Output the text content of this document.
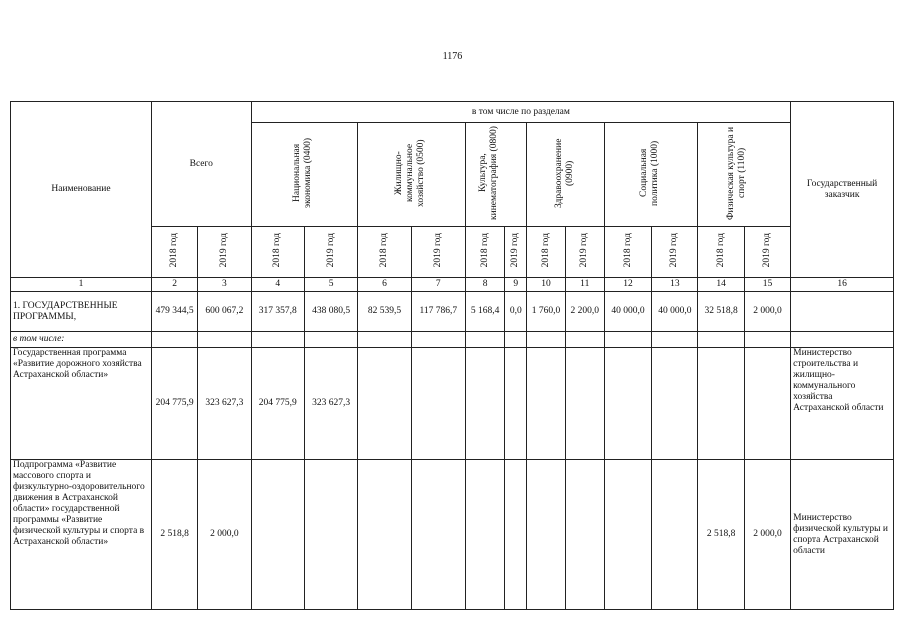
1176
Наименование	Всего		в том числе по разделам												Государственный заказчик
			Национальная экономика (0400)		Жилищно-коммунальное хозяйство (0500)		Культура, кинематография (0800)		Здравоохранение (0900)		Социальная политика (1000)		Физическая культура и спорт (1100)		
	2018 год	2019 год	2018 год	2019 год	2018 год	2019 год	2018 год	2019 год	2018 год	2019 год	2018 год	2019 год	2018 год	2019 год	
1	2	3	4	5	6	7	8	9	10	11	12	13	14	15	16
1. ГОСУДАРСТВЕННЫЕ ПРОГРАММЫ,	479 344,5	600 067,2	317 357,8	438 080,5	82 539,5	117 786,7	5 168,4	0,0	1 760,0	2 200,0	40 000,0	40 000,0	32 518,8	2 000,0	
в том числе:															
Государственная программа «Развитие дорожного хозяйства Астраханской области»	204 775,9	323 627,3	204 775,9	323 627,3											Министерство строительства и жилищно-коммунального хозяйства Астраханской области
Подпрограмма «Развитие массового спорта и физкультурно-оздоровительного движения в Астраханской области» государственной программы «Развитие физической культуры и спорта в Астраханской области»	2 518,8	2 000,0											2 518,8	2 000,0	Министерство физической культуры и спорта Астраханской области
